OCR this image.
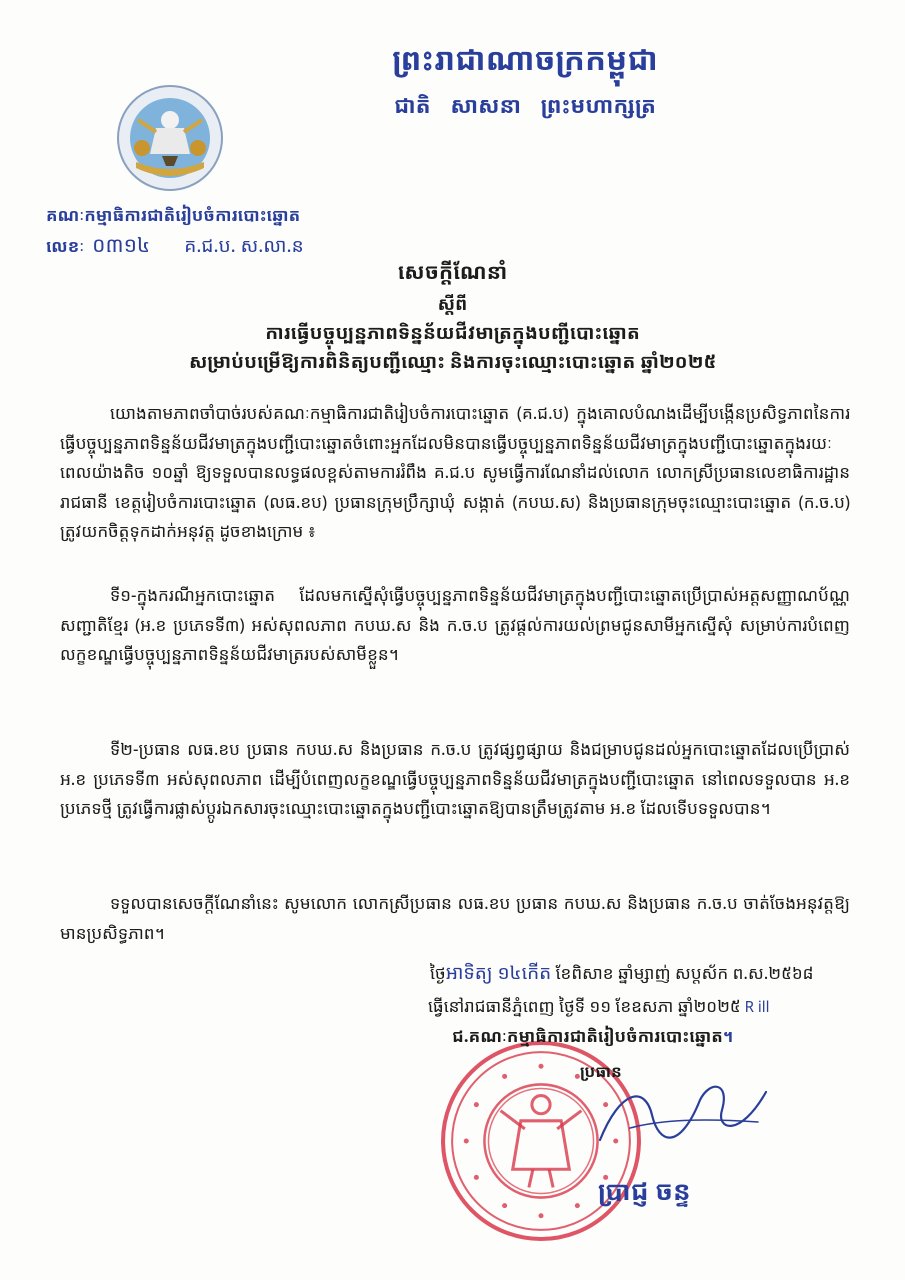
ព្រះរាជាណាចក្រកម្ពុជា
ជាតិ សាសនា ព្រះមហាក្សត្រ
គណៈកម្មាធិការជាតិរៀបចំការបោះឆ្នោត
លេខៈ ០៣១៤ គ.ជ.ប. ស.លា.ន
សេចក្តីណែនាំ
ស្តីពី
ការធ្វើបច្ចុប្បន្នភាពទិន្នន័យជីវមាត្រក្នុងបញ្ជីបោះឆ្នោត
សម្រាប់បម្រើឱ្យការពិនិត្យបញ្ជីឈ្មោះ និងការចុះឈ្មោះបោះឆ្នោត ឆ្នាំ២០២៥

យោងតាមភាពចាំបាច់របស់គណៈកម្មាធិការជាតិរៀបចំការបោះឆ្នោត (គ.ជ.ប) ក្នុងគោលបំណងដើម្បីបង្កើនប្រសិទ្ធភាពនៃការធ្វើបច្ចុប្បន្នភាពទិន្នន័យជីវមាត្រក្នុងបញ្ជីបោះឆ្នោតចំពោះអ្នកដែលមិនបានធ្វើបច្ចុប្បន្នភាពទិន្នន័យជីវមាត្រក្នុងបញ្ជីបោះឆ្នោតក្នុងរយៈពេលយ៉ាងតិច ១០ឆ្នាំ ឱ្យទទួលបានលទ្ធផលខ្ពស់តាមការរំពឹង គ.ជ.ប សូមធ្វើការណែនាំដល់លោក លោកស្រីប្រធានលេខាធិការដ្ឋានរាជធានី ខេត្តរៀបចំការបោះឆ្នោត (លធ.ខប) ប្រធានក្រុមប្រឹក្សាឃុំ សង្កាត់ (កបឃ.ស) និងប្រធានក្រុមចុះឈ្មោះបោះឆ្នោត (ក.ច.ប) ត្រូវយកចិត្តទុកដាក់អនុវត្ត ដូចខាងក្រោម ៖

ទី១-ក្នុងករណីអ្នកបោះឆ្នោត ដែលមកស្នើសុំធ្វើបច្ចុប្បន្នភាពទិន្នន័យជីវមាត្រក្នុងបញ្ជីបោះឆ្នោតប្រើប្រាស់អត្តសញ្ញាណប័ណ្ណសញ្ជាតិខ្មែរ (អ.ខ ប្រភេទទី៣) អស់សុពលភាព កបឃ.ស និង ក.ច.ប ត្រូវផ្តល់ការយល់ព្រមជូនសាមីអ្នកស្នើសុំ សម្រាប់ការបំពេញលក្ខខណ្ឌធ្វើបច្ចុប្បន្នភាពទិន្នន័យជីវមាត្ររបស់សាមីខ្លួន។

ទី២-ប្រធាន លធ.ខប ប្រធាន កបឃ.ស និងប្រធាន ក.ច.ប ត្រូវផ្សព្វផ្សាយ និងជម្រាបជូនដល់អ្នកបោះឆ្នោតដែលប្រើប្រាស់ អ.ខ ប្រភេទទី៣ អស់សុពលភាព ដើម្បីបំពេញលក្ខខណ្ឌធ្វើបច្ចុប្បន្នភាពទិន្នន័យជីវមាត្រក្នុងបញ្ជីបោះឆ្នោត នៅពេលទទួលបាន អ.ខ ប្រភេទថ្មី ត្រូវធ្វើការផ្លាស់ប្តូរឯកសារចុះឈ្មោះបោះឆ្នោតក្នុងបញ្ជីបោះឆ្នោតឱ្យបានត្រឹមត្រូវតាម អ.ខ ដែលទើបទទួលបាន។

ទទួលបានសេចក្តីណែនាំនេះ សូមលោក លោកស្រីប្រធាន លធ.ខប ប្រធាន កបឃ.ស និងប្រធាន ក.ច.ប ចាត់ចែងអនុវត្តឱ្យមានប្រសិទ្ធភាព។

ថ្ងៃអាទិត្យ ១៤កើត ខែពិសាខ ឆ្នាំម្សាញ់ សប្តស័ក ព.ស.២៥៦៨
ធ្វើនៅរាជធានីភ្នំពេញ ថ្ងៃទី ១១ ខែឧសភា ឆ្នាំ២០២៥ R ill
ជ.គណៈកម្មាធិការជាតិរៀបចំការបោះឆ្នោត។
ប្រធាន
ប្រាជ្ញ ចន្ទ
